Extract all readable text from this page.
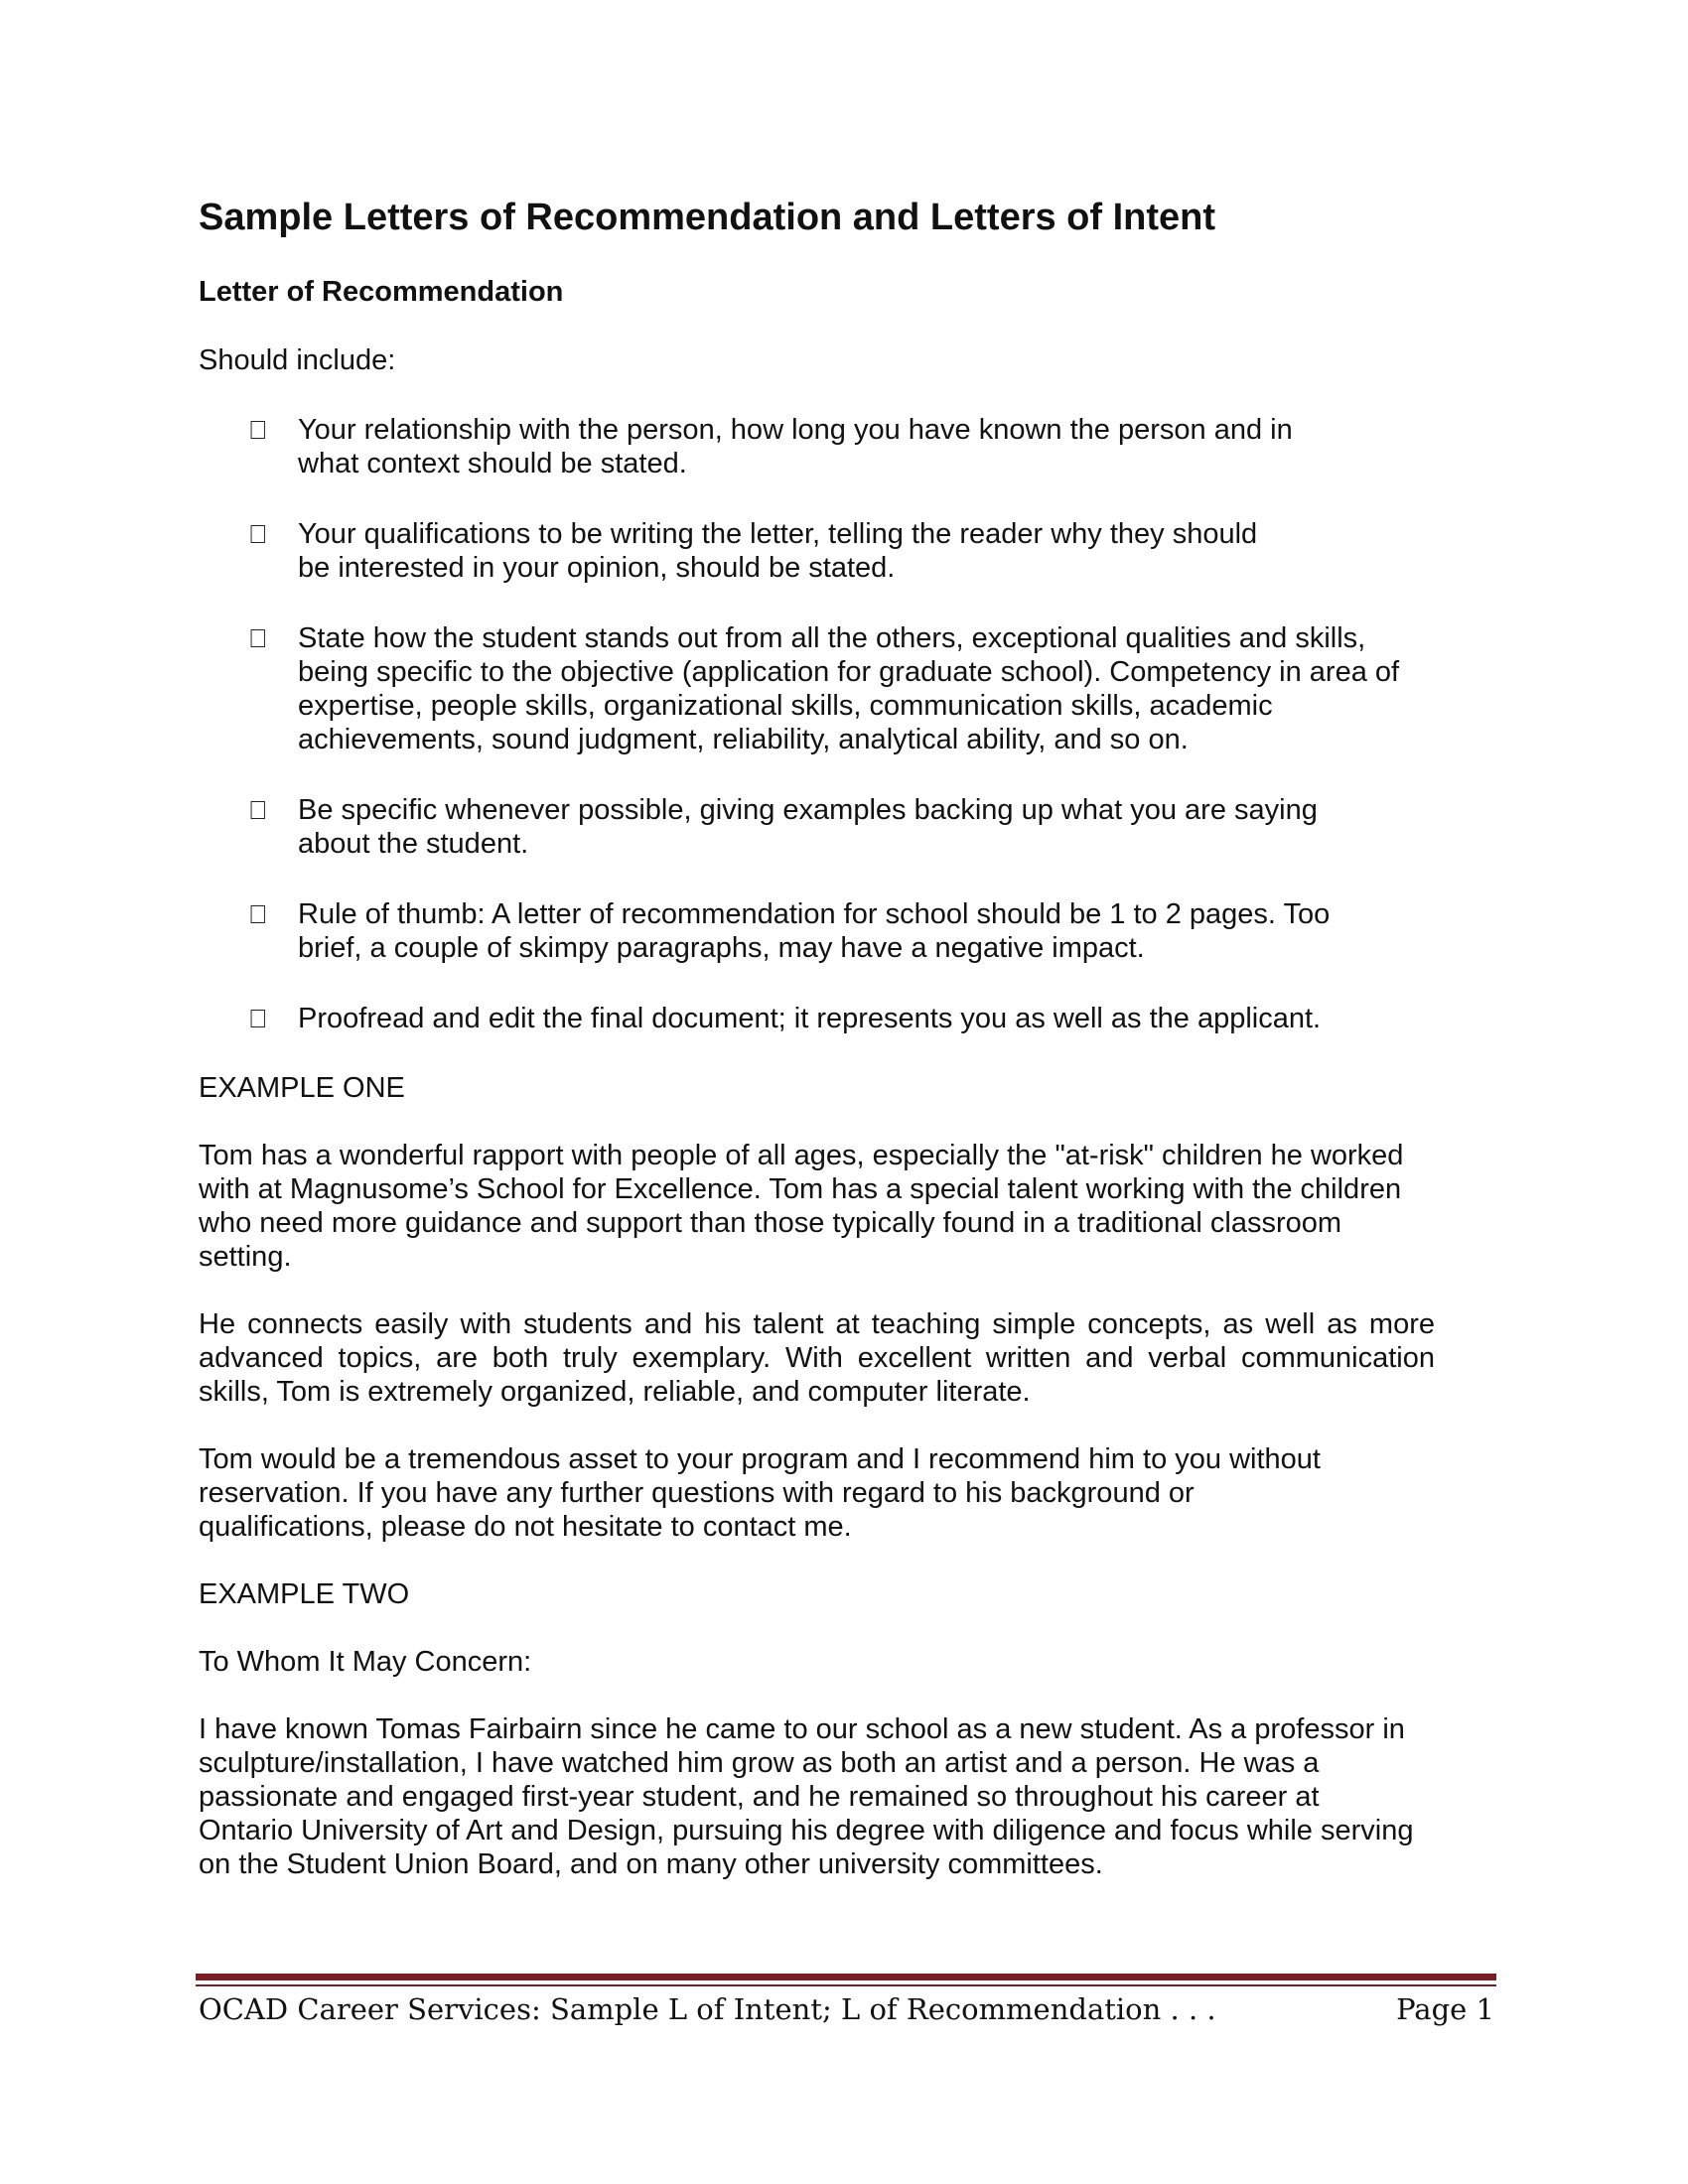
Sample Letters of Recommendation and Letters of Intent
Letter of Recommendation

Should include:

Your relationship with the person, how long you have known the person and in
what context should be stated.
Your qualifications to be writing the letter, telling the reader why they should
be interested in your opinion, should be stated.
State how the student stands out from all the others, exceptional qualities and skills,
being specific to the objective (application for graduate school). Competency in area of
expertise, people skills, organizational skills, communication skills, academic
achievements, sound judgment, reliability, analytical ability, and so on.
Be specific whenever possible, giving examples backing up what you are saying
about the student.
Rule of thumb: A letter of recommendation for school should be 1 to 2 pages. Too
brief, a couple of skimpy paragraphs, may have a negative impact.
Proofread and edit the final document; it represents you as well as the applicant.

EXAMPLE ONE

Tom has a wonderful rapport with people of all ages, especially the "at-risk" children he worked
with at Magnusome’s School for Excellence. Tom has a special talent working with the children
who need more guidance and support than those typically found in a traditional classroom
setting.

He connects easily with students and his talent at teaching simple concepts, as well as more advanced topics, are both truly exemplary. With excellent written and verbal communication skills, Tom is extremely organized, reliable, and computer literate.

Tom would be a tremendous asset to your program and I recommend him to you without
reservation. If you have any further questions with regard to his background or
qualifications, please do not hesitate to contact me.

EXAMPLE TWO

To Whom It May Concern:

I have known Tomas Fairbairn since he came to our school as a new student. As a professor in
sculpture/installation, I have watched him grow as both an artist and a person. He was a
passionate and engaged first-year student, and he remained so throughout his career at
Ontario University of Art and Design, pursuing his degree with diligence and focus while serving
on the Student Union Board, and on many other university committees.

OCAD Career Services: Sample L of Intent; L of Recommendation . . .	Page 1
